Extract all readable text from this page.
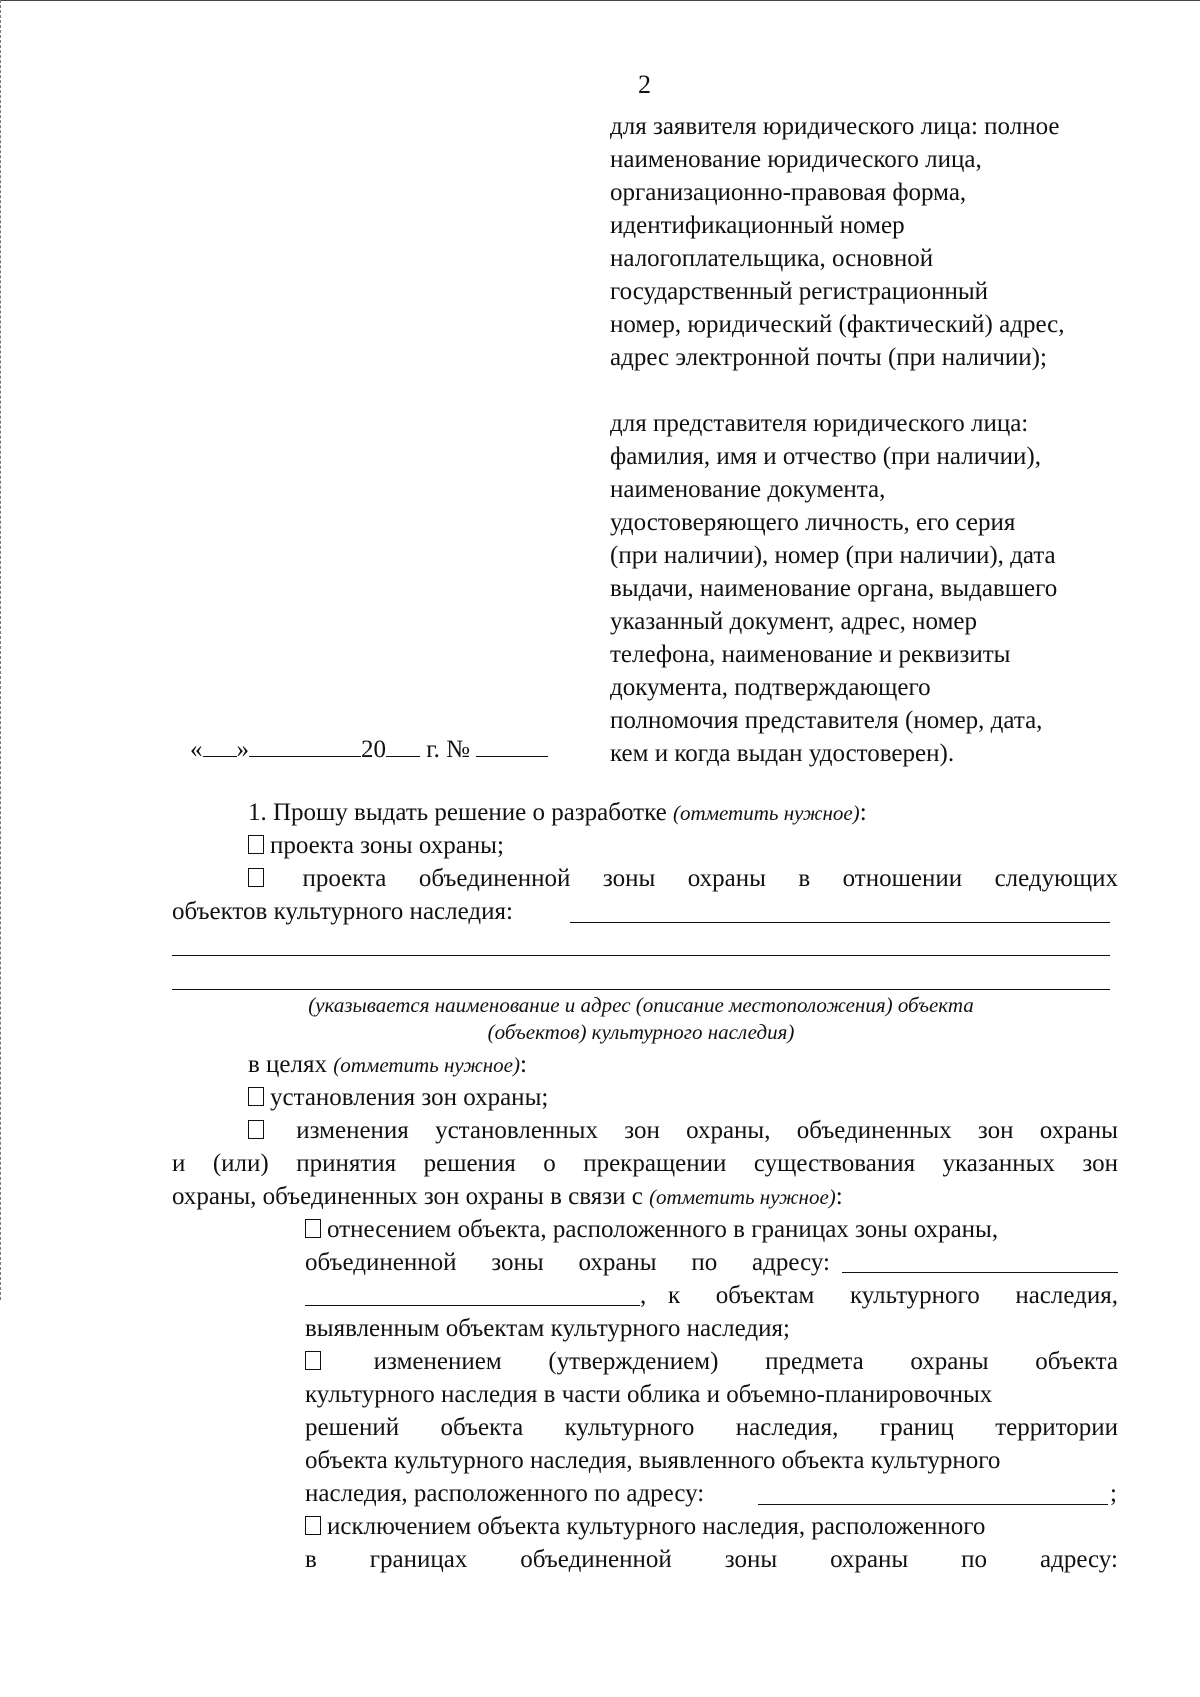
2
для заявителя юридического лица: полное
наименование юридического лица,
организационно-правовая форма,
идентификационный номер
налогоплательщика, основной
государственный регистрационный
номер, юридический (фактический) адрес,
адрес электронной почты (при наличии);
для представителя юридического лица:
фамилия, имя и отчество (при наличии),
наименование документа,
удостоверяющего личность, его серия
(при наличии), номер (при наличии), дата
выдачи, наименование органа, выдавшего
указанный документ, адрес, номер
телефона, наименование и реквизиты
документа, подтверждающего
полномочия представителя (номер, дата,
кем и когда выдан удостоверен).
« »	20 г. №
1. Прошу выдать решение о разработке (отметить нужное):
проекта зоны охраны;
проекта объединенной зоны охраны в отношении следующих
объектов культурного наследия:
(указывается наименование и адрес (описание местоположения) объекта
(объектов) культурного наследия)
в целях (отметить нужное):
установления зон охраны;
изменения установленных зон охраны, объединенных зон охраны
и (или) принятия решения о прекращении существования указанных зон
охраны, объединенных зон охраны в связи с (отметить нужное):
отнесением объекта, расположенного в границах зоны охраны,
объединенной зоны охраны по адресу:
, к объектам культурного наследия,
выявленным объектам культурного наследия;
изменением (утверждением) предмета охраны объекта
культурного наследия в части облика и объемно-планировочных
решений объекта культурного наследия, границ территории
объекта культурного наследия, выявленного объекта культурного
наследия, расположенного по адресу:	;
исключением объекта культурного наследия, расположенного
в границах объединенной зоны охраны по адресу:
